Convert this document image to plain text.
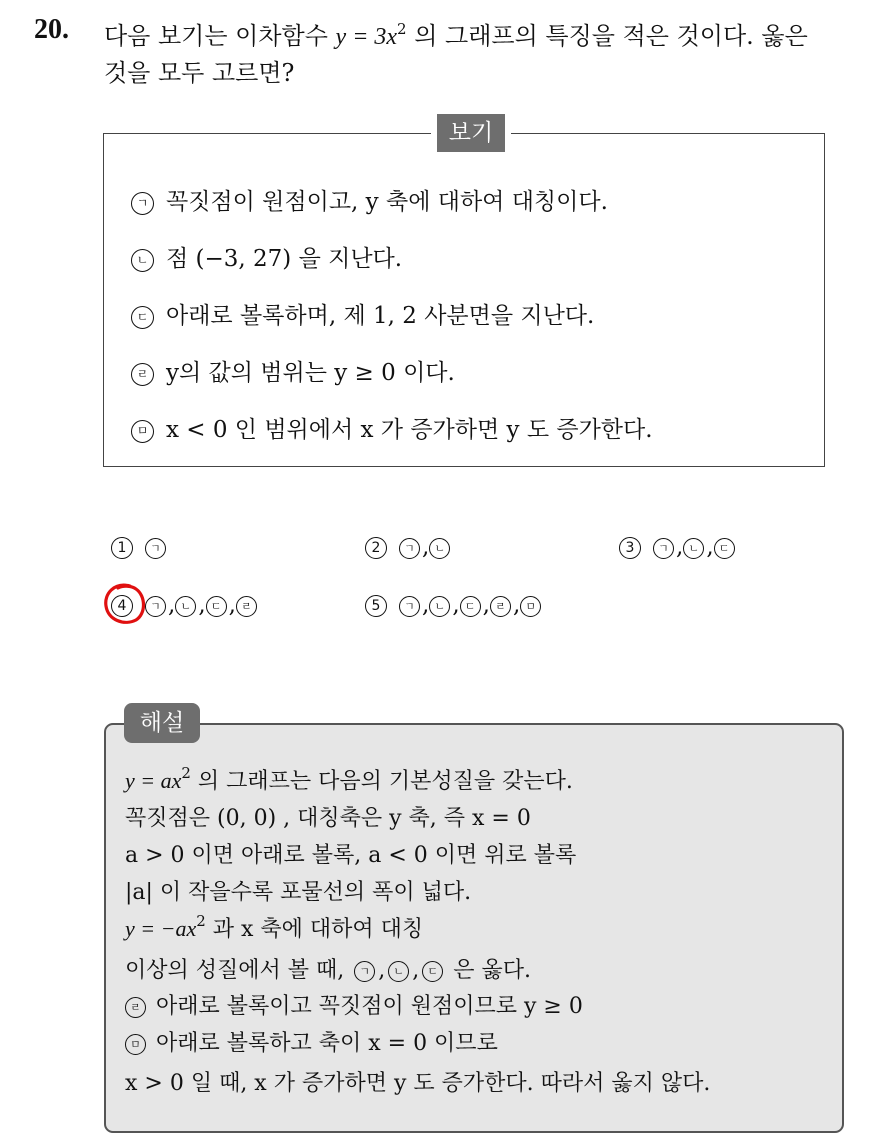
20. 다음 보기는 이차함수 $y = 3x^2$ 의 그래프의 특징을 적은 것이다. 옳은
것을 모두 고르면?
보기
ㄱ 꼭짓점이 원점이고, y 축에 대하여 대칭이다.
ㄴ 점 (−3, 27) 을 지난다.
ㄷ 아래로 볼록하며, 제 1, 2 사분면을 지난다.
ㄹ y의 값의 범위는 y ≥ 0 이다.
ㅁ x < 0 인 범위에서 x 가 증가하면 y 도 증가한다.
1 ㄱ	2 ㄱ , ㄴ	3 ㄱ , ㄴ , ㄷ
4 ㄱ , ㄴ , ㄷ , ㄹ	5 ㄱ , ㄴ , ㄷ , ㄹ , ㅁ
해설
$y = ax^2$ 의 그래프는 다음의 기본성질을 갖는다.
꼭짓점은 (0, 0) , 대칭축은 y 축, 즉 x = 0
a > 0 이면 아래로 볼록, a < 0 이면 위로 볼록
|a| 이 작을수록 포물선의 폭이 넓다.
$y = -ax^2$ 과 x 축에 대하여 대칭
이상의 성질에서 볼 때, ㄱ , ㄴ , ㄷ 은 옳다.
ㄹ 아래로 볼록이고 꼭짓점이 원점이므로 y ≥ 0
ㅁ 아래로 볼록하고 축이 x = 0 이므로
x > 0 일 때, x 가 증가하면 y 도 증가한다. 따라서 옳지 않다.
